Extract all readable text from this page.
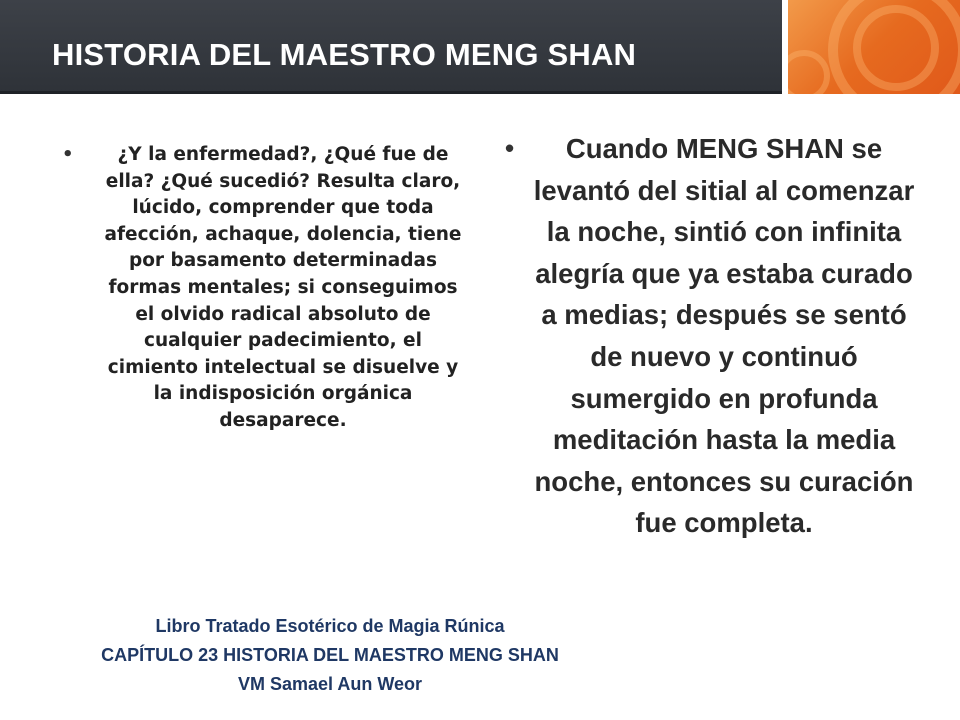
HISTORIA DEL MAESTRO MENG SHAN
•	¿Y la enfermedad?, ¿Qué fue de ella? ¿Qué sucedió? Resulta claro, lúcido, comprender que toda afección, achaque, dolencia, tiene por basamento determinadas formas mentales; si conseguimos el olvido radical absoluto de cualquier padecimiento, el cimiento intelectual se disuelve y la indisposición orgánica desaparece.
•	Cuando MENG SHAN se levantó del sitial al comenzar la noche, sintió con infinita alegría que ya estaba curado a medias; después se sentó de nuevo y continuó sumergido en profunda meditación hasta la media noche, entonces su curación fue completa.
Libro Tratado Esotérico de Magia Rúnica
CAPÍTULO 23 HISTORIA DEL MAESTRO MENG SHAN
VM Samael Aun Weor
